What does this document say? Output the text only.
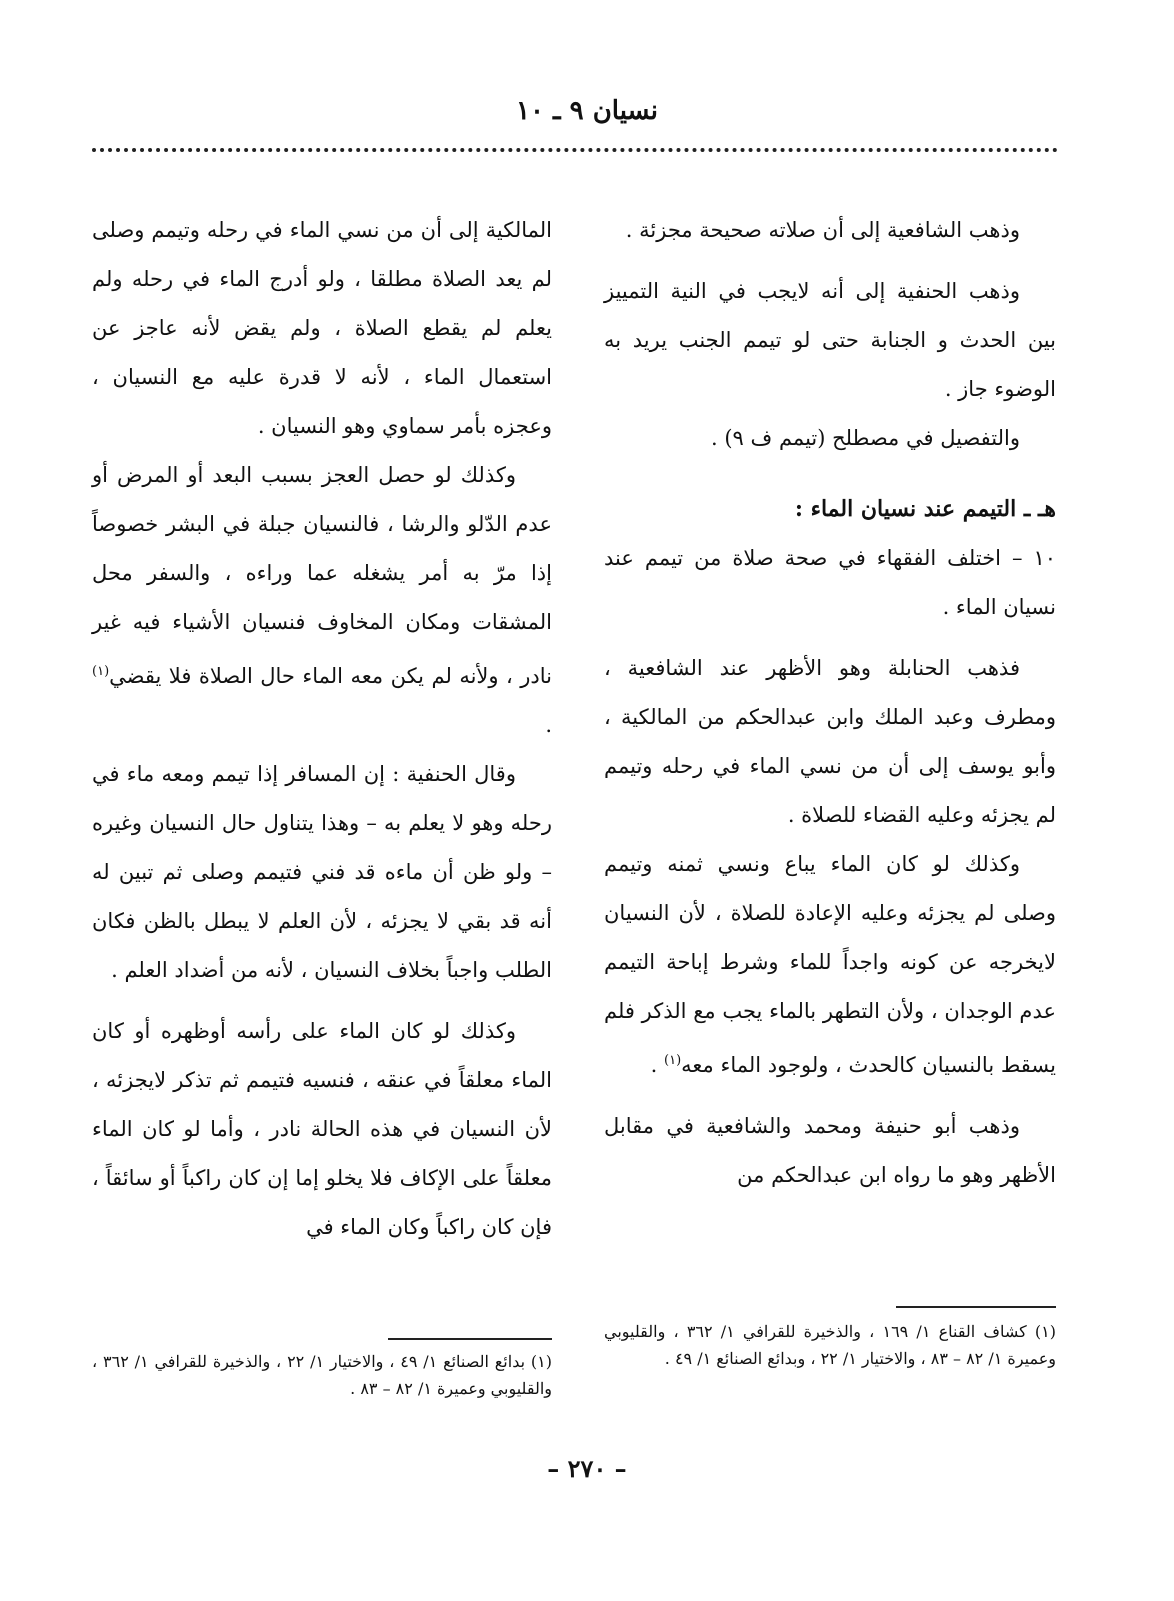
نسيان ٩ ـ ١٠

وذهب الشافعية إلى أن صلاته صحيحة مجزئة .

وذهب الحنفية إلى أنه لايجب في النية التمييز بين الحدث و الجنابة حتى لو تيمم الجنب يريد به الوضوء جاز .

والتفصيل في مصطلح (تيمم ف ٩) .

هـ ـ التيمم عند نسيان الماء :

١٠ – اختلف الفقهاء في صحة صلاة من تيمم عند نسيان الماء .

فذهب الحنابلة وهو الأظهر عند الشافعية ، ومطرف وعبد الملك وابن عبدالحكم من المالكية ، وأبو يوسف إلى أن من نسي الماء في رحله وتيمم لم يجزئه وعليه القضاء للصلاة .

وكذلك لو كان الماء يباع ونسي ثمنه وتيمم وصلى لم يجزئه وعليه الإعادة للصلاة ، لأن النسيان لايخرجه عن كونه واجداً للماء وشرط إباحة التيمم عدم الوجدان ، ولأن التطهر بالماء يجب مع الذكر فلم يسقط بالنسيان كالحدث ، ولوجود الماء معه$^{(١)}$ .

وذهب أبو حنيفة ومحمد والشافعية في مقابل الأظهر وهو ما رواه ابن عبدالحكم من

المالكية إلى أن من نسي الماء في رحله وتيمم وصلى لم يعد الصلاة مطلقا ، ولو أدرج الماء في رحله ولم يعلم لم يقطع الصلاة ، ولم يقض لأنه عاجز عن استعمال الماء ، لأنه لا قدرة عليه مع النسيان ، وعجزه بأمر سماوي وهو النسيان .

وكذلك لو حصل العجز بسبب البعد أو المرض أو عدم الدّلو والرشا ، فالنسيان جبلة في البشر خصوصاً إذا مرّ به أمر يشغله عما وراءه ، والسفر محل المشقات ومكان المخاوف فنسيان الأشياء فيه غير نادر ، ولأنه لم يكن معه الماء حال الصلاة فلا يقضي$^{(١)}$ .

وقال الحنفية : إن المسافر إذا تيمم ومعه ماء في رحله وهو لا يعلم به – وهذا يتناول حال النسيان وغيره – ولو ظن أن ماءه قد فني فتيمم وصلى ثم تبين له أنه قد بقي لا يجزئه ، لأن العلم لا يبطل بالظن فكان الطلب واجباً بخلاف النسيان ، لأنه من أضداد العلم .

وكذلك لو كان الماء على رأسه أوظهره أو كان الماء معلقاً في عنقه ، فنسيه فتيمم ثم تذكر لايجزئه ، لأن النسيان في هذه الحالة نادر ، وأما لو كان الماء معلقاً على الإكاف فلا يخلو إما إن كان راكباً أو سائقاً ، فإن كان راكباً وكان الماء في

(١) كشاف القناع ١/ ١٦٩ ، والذخيرة للقرافي ١/ ٣٦٢ ، والقليوبي وعميرة ١/ ٨٢ – ٨٣ ، والاختيار ١/ ٢٢ ، وبدائع الصنائع ١/ ٤٩ .
(١) بدائع الصنائع ١/ ٤٩ ، والاختيار ١/ ٢٢ ، والذخيرة للقرافي ١/ ٣٦٢ ، والقليوبي وعميرة ١/ ٨٢ – ٨٣ .
– ٢٧٠ –
